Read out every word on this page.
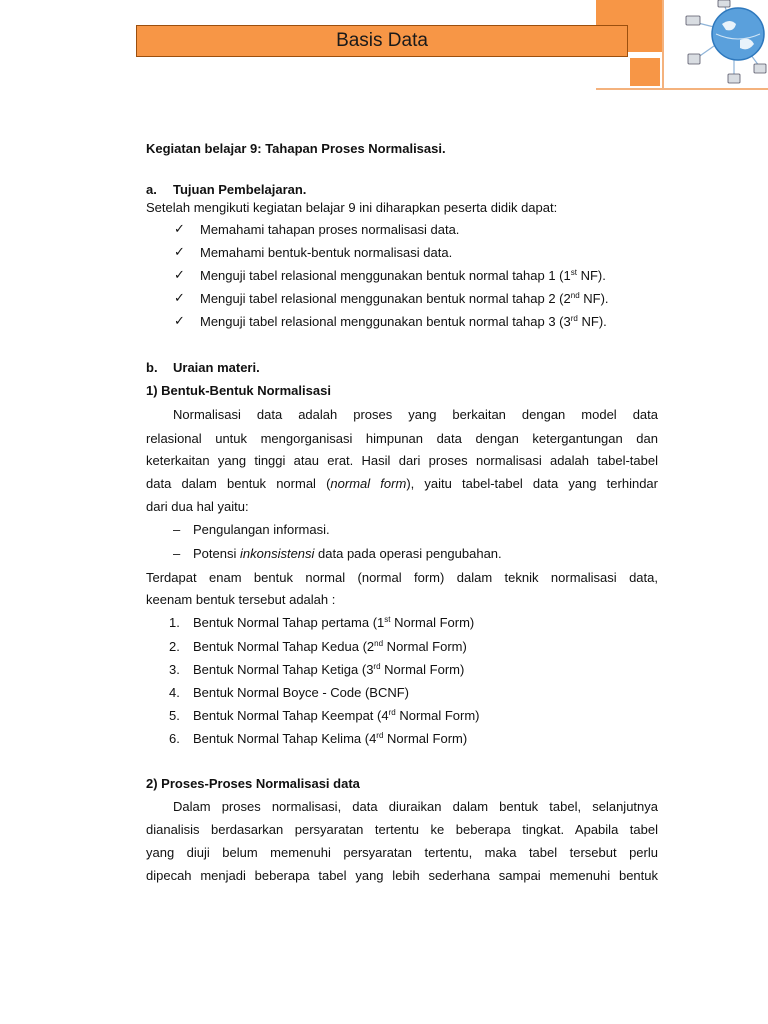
Basis Data
Kegiatan belajar 9: Tahapan Proses Normalisasi.
a. Tujuan Pembelajaran.
Setelah mengikuti kegiatan belajar 9 ini diharapkan peserta didik dapat:
✓ Memahami tahapan proses normalisasi data.
✓ Memahami bentuk-bentuk normalisasi data.
✓ Menguji tabel relasional menggunakan bentuk normal tahap 1 (1st NF).
✓ Menguji tabel relasional menggunakan bentuk normal tahap 2 (2nd NF).
✓ Menguji tabel relasional menggunakan bentuk normal tahap 3 (3rd NF).
b. Uraian materi.
1) Bentuk-Bentuk Normalisasi
Normalisasi data adalah proses yang berkaitan dengan model data
relasional untuk mengorganisasi himpunan data dengan ketergantungan dan
keterkaitan yang tinggi atau erat. Hasil dari proses normalisasi adalah tabel-tabel
data dalam bentuk normal (normal form), yaitu tabel-tabel data yang terhindar
dari dua hal yaitu:
– Pengulangan informasi.
– Potensi inkonsistensi data pada operasi pengubahan.
Terdapat enam bentuk normal (normal form) dalam teknik normalisasi data,
keenam bentuk tersebut adalah :
1. Bentuk Normal Tahap pertama (1st Normal Form)
2. Bentuk Normal Tahap Kedua (2nd Normal Form)
3. Bentuk Normal Tahap Ketiga (3rd Normal Form)
4. Bentuk Normal Boyce - Code (BCNF)
5. Bentuk Normal Tahap Keempat (4rd Normal Form)
6. Bentuk Normal Tahap Kelima (4rd Normal Form)
2) Proses-Proses Normalisasi data
Dalam proses normalisasi, data diuraikan dalam bentuk tabel, selanjutnya
dianalisis berdasarkan persyaratan tertentu ke beberapa tingkat. Apabila tabel
yang diuji belum memenuhi persyaratan tertentu, maka tabel tersebut perlu
dipecah menjadi beberapa tabel yang lebih sederhana sampai memenuhi bentuk
